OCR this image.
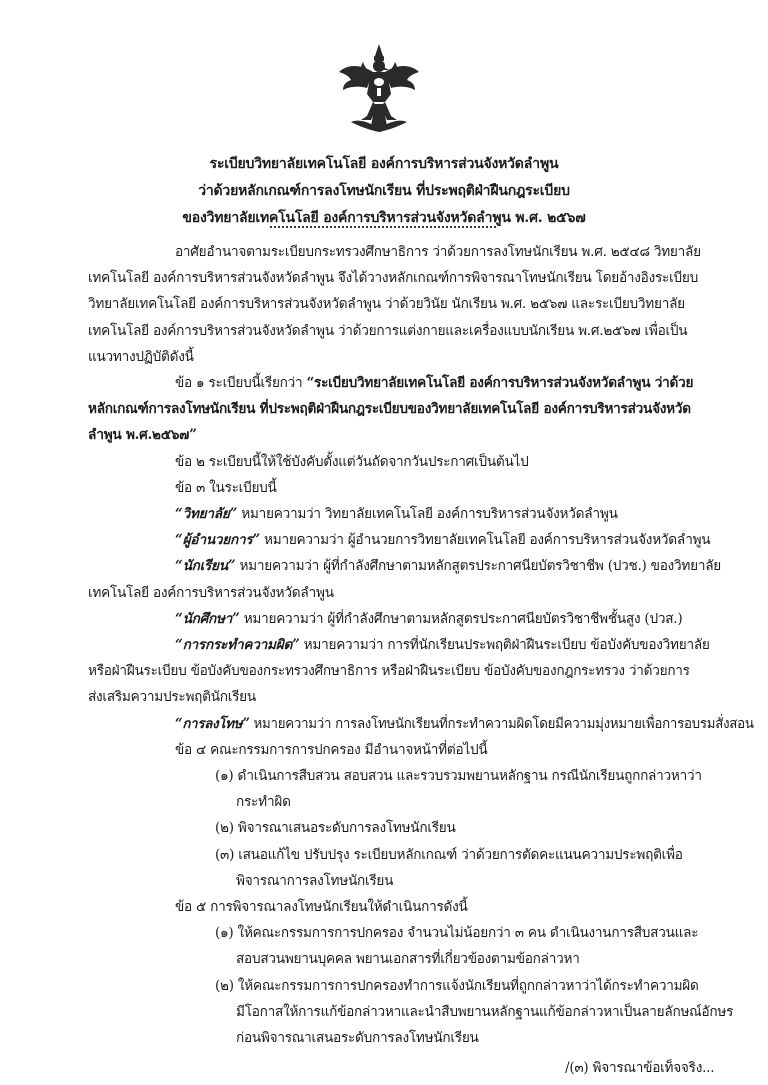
ระเบียบวิทยาลัยเทคโนโลยี องค์การบริหารส่วนจังหวัดลำพูน
ว่าด้วยหลักเกณฑ์การลงโทษนักเรียน ที่ประพฤติฝ่าฝืนกฎระเบียบ
ของวิทยาลัยเทคโนโลยี องค์การบริหารส่วนจังหวัดลำพูน พ.ศ. ๒๕๖๗
อาศัยอำนาจตามระเบียบกระทรวงศึกษาธิการ ว่าด้วยการลงโทษนักเรียน พ.ศ. ๒๕๔๘ วิทยาลัย
เทคโนโลยี องค์การบริหารส่วนจังหวัดลำพูน จึงได้วางหลักเกณฑ์การพิจารณาโทษนักเรียน โดยอ้างอิงระเบียบ
วิทยาลัยเทคโนโลยี องค์การบริหารส่วนจังหวัดลำพูน ว่าด้วยวินัย นักเรียน พ.ศ. ๒๕๖๗ และระเบียบวิทยาลัย
เทคโนโลยี องค์การบริหารส่วนจังหวัดลำพูน ว่าด้วยการแต่งกายและเครื่องแบบนักเรียน พ.ศ.๒๕๖๗ เพื่อเป็น
แนวทางปฏิบัติดังนี้
ข้อ ๑ ระเบียบนี้เรียกว่า “ระเบียบวิทยาลัยเทคโนโลยี องค์การบริหารส่วนจังหวัดลำพูน ว่าด้วย
หลักเกณฑ์การลงโทษนักเรียน ที่ประพฤติฝ่าฝืนกฎระเบียบของวิทยาลัยเทคโนโลยี องค์การบริหารส่วนจังหวัด
ลำพูน พ.ศ.๒๕๖๗”
ข้อ ๒ ระเบียบนี้ให้ใช้บังคับตั้งแต่วันถัดจากวันประกาศเป็นต้นไป
ข้อ ๓ ในระเบียบนี้
“วิทยาลัย” หมายความว่า วิทยาลัยเทคโนโลยี องค์การบริหารส่วนจังหวัดลำพูน
“ผู้อำนวยการ” หมายความว่า ผู้อำนวยการวิทยาลัยเทคโนโลยี องค์การบริหารส่วนจังหวัดลำพูน
“นักเรียน” หมายความว่า ผู้ที่กำลังศึกษาตามหลักสูตรประกาศนียบัตรวิชาชีพ (ปวช.) ของวิทยาลัย
เทคโนโลยี องค์การบริหารส่วนจังหวัดลำพูน
“นักศึกษา” หมายความว่า ผู้ที่กำลังศึกษาตามหลักสูตรประกาศนียบัตรวิชาชีพชั้นสูง (ปวส.)
“การกระทำความผิด” หมายความว่า การที่นักเรียนประพฤติฝ่าฝืนระเบียบ ข้อบังคับของวิทยาลัย
หรือฝ่าฝืนระเบียบ ข้อบังคับของกระทรวงศึกษาธิการ หรือฝ่าฝืนระเบียบ ข้อบังคับของกฎกระทรวง ว่าด้วยการ
ส่งเสริมความประพฤตินักเรียน
“การลงโทษ” หมายความว่า การลงโทษนักเรียนที่กระทำความผิดโดยมีความมุ่งหมายเพื่อการอบรมสั่งสอน
ข้อ ๔ คณะกรรมการการปกครอง มีอำนาจหน้าที่ต่อไปนี้
(๑) ดำเนินการสืบสวน สอบสวน และรวบรวมพยานหลักฐาน กรณีนักเรียนถูกกล่าวหาว่า
กระทำผิด
(๒) พิจารณาเสนอระดับการลงโทษนักเรียน
(๓) เสนอแก้ไข ปรับปรุง ระเบียบหลักเกณฑ์ ว่าด้วยการตัดคะแนนความประพฤติเพื่อ
พิจารณาการลงโทษนักเรียน
ข้อ ๕ การพิจารณาลงโทษนักเรียนให้ดำเนินการดังนี้
(๑) ให้คณะกรรมการการปกครอง จำนวนไม่น้อยกว่า ๓ คน ดำเนินงานการสืบสวนและ
สอบสวนพยานบุคคล พยานเอกสารที่เกี่ยวข้องตามข้อกล่าวหา
(๒) ให้คณะกรรมการการปกครองทำการแจ้งนักเรียนที่ถูกกล่าวหาว่าได้กระทำความผิด
มีโอกาสให้การแก้ข้อกล่าวหาและนำสืบพยานหลักฐานแก้ข้อกล่าวหาเป็นลายลักษณ์อักษร
ก่อนพิจารณาเสนอระดับการลงโทษนักเรียน
/(๓) พิจารณาข้อเท็จจริง...
